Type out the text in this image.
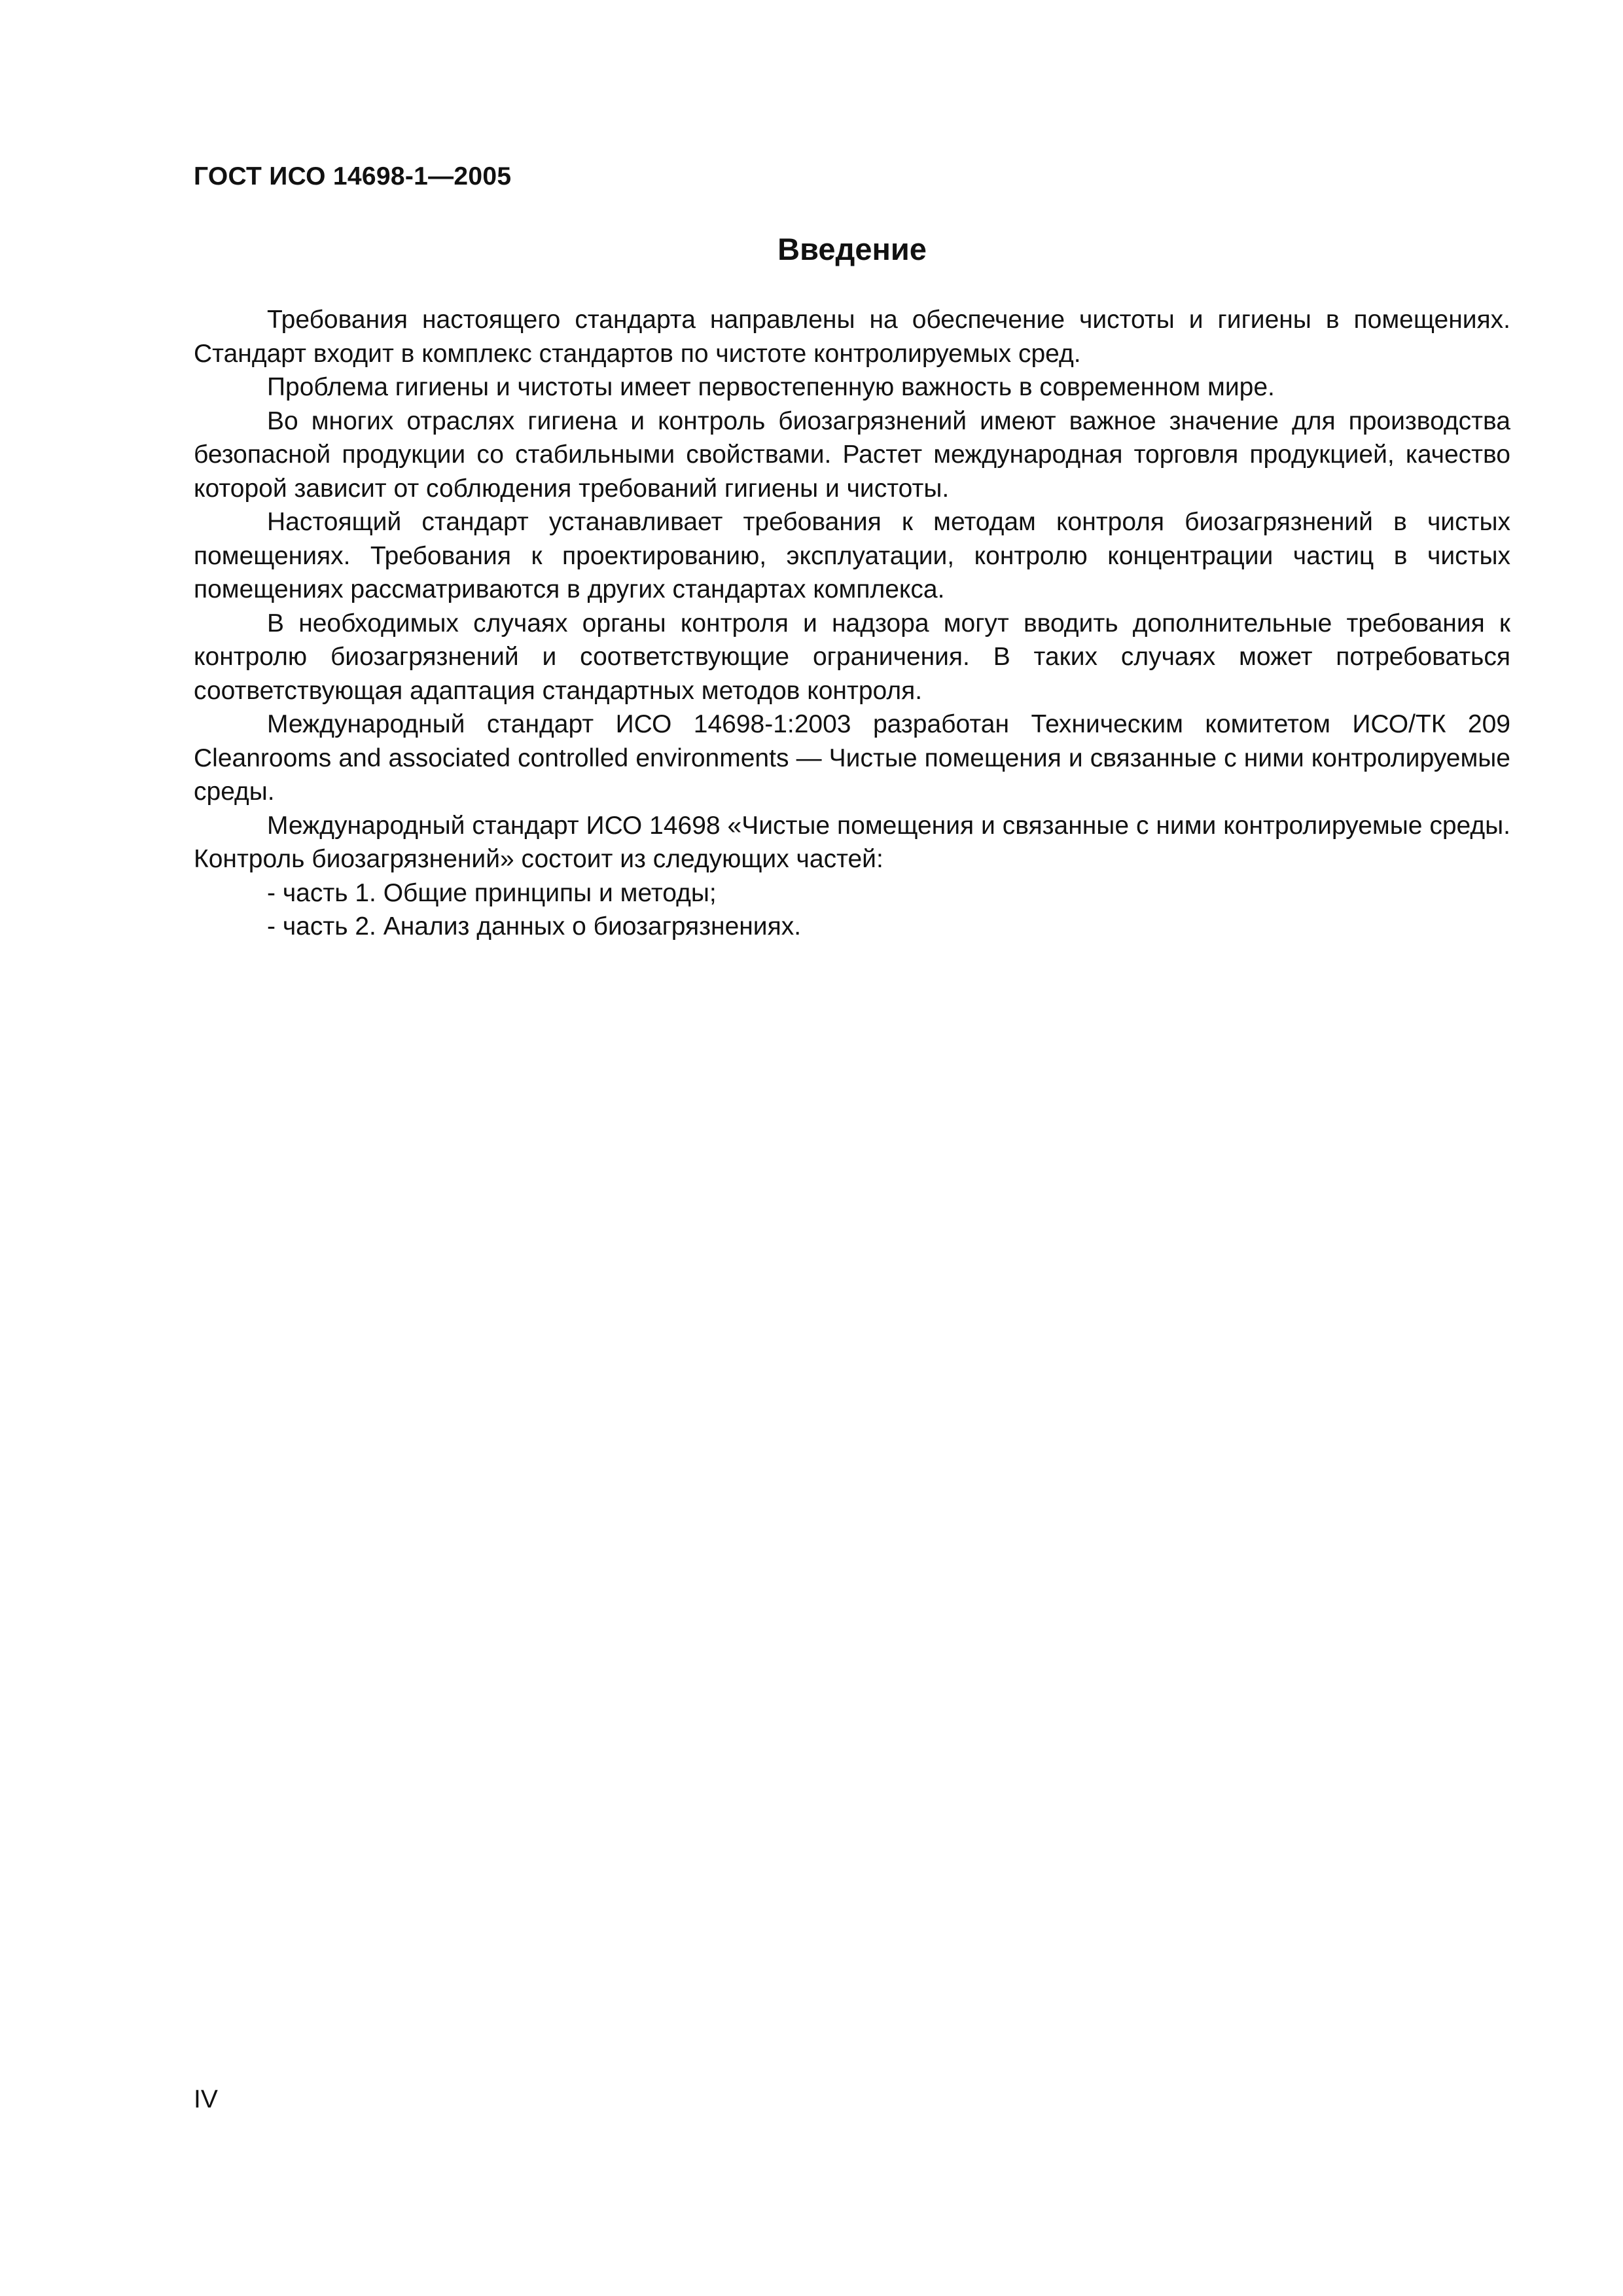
ГОСТ ИСО 14698-1—2005
Введение

Требования настоящего стандарта направлены на обеспечение чистоты и гигиены в помещениях. Стандарт входит в комплекс стандартов по чистоте контролируемых сред.

Проблема гигиены и чистоты имеет первостепенную важность в современном мире.

Во многих отраслях гигиена и контроль биозагрязнений имеют важное значение для производства безопасной продукции со стабильными свойствами. Растет международная торговля продукцией, качество которой зависит от соблюдения требований гигиены и чистоты.

Настоящий стандарт устанавливает требования к методам контроля биозагрязнений в чистых помещениях. Требования к проектированию, эксплуатации, контролю концентрации частиц в чистых помещениях рассматриваются в других стандартах комплекса.

В необходимых случаях органы контроля и надзора могут вводить дополнительные требования к контролю биозагрязнений и соответствующие ограничения. В таких случаях может потребоваться соответствующая адаптация стандартных методов контроля.

Международный стандарт ИСО 14698-1:2003 разработан Техническим комитетом ИСО/ТК 209 Cleanrooms and associated controlled environments — Чистые помещения и связанные с ними контролируемые среды.

Международный стандарт ИСО 14698 «Чистые помещения и связанные с ними контролируемые среды. Контроль биозагрязнений» состоит из следующих частей:

- часть 1. Общие принципы и методы;

- часть 2. Анализ данных о биозагрязнениях.

IV
